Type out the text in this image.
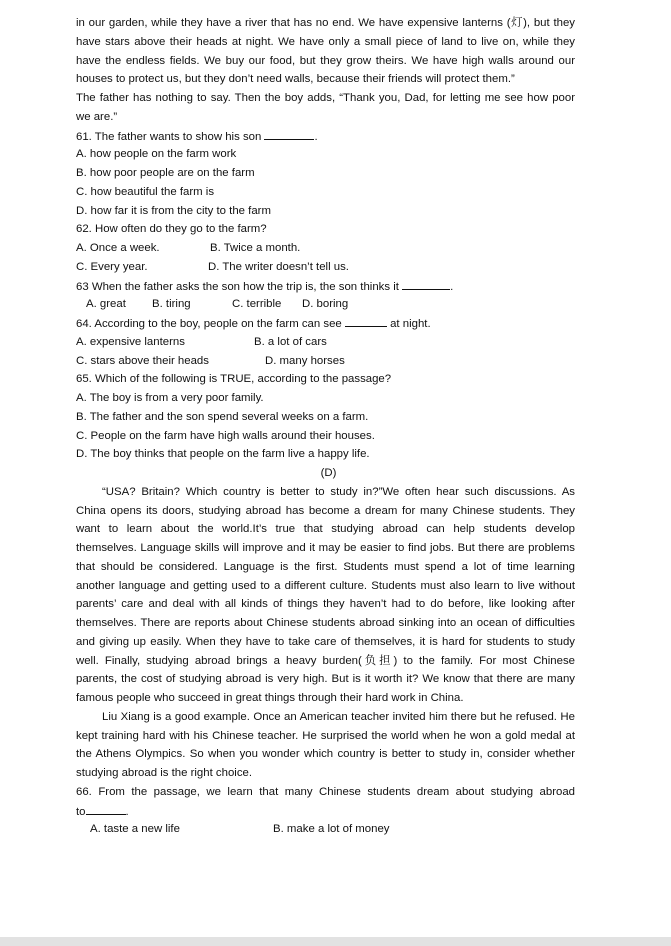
in our garden, while they have a river that has no end. We have expensive lanterns (灯), but they
have stars above their heads at night. We have only a small piece of land to live on, while they
have the endless fields. We buy our food, but they grow theirs. We have high walls around our
houses to protect us, but they don’t need walls, because their friends will protect them.”
The father has nothing to say. Then the boy adds, “Thank you, Dad, for letting me see how poor
we are.”
61. The father wants to show his son	.
A. how people on the farm work
B. how poor people are on the farm
C. how beautiful the farm is
D. how far it is from the city to the farm
62. How often do they go to the farm?
A. Once a week.	B. Twice a month.
C. Every year.	D. The writer doesn’t tell us.
63 When the father asks the son how the trip is, the son thinks it	.
A. great B. tiring	C. terrible D. boring
64. According to the boy, people on the farm can see	at night.
A. expensive lanterns	B. a lot of cars
C. stars above their heads	D. many horses
65. Which of the following is TRUE, according to the passage?
A. The boy is from a very poor family.
B. The father and the son spend several weeks on a farm.
C. People on the farm have high walls around their houses.
D. The boy thinks that people on the farm live a happy life.
(D)
“USA? Britain? Which country is better to study in?”We often hear such discussions. As
China opens its doors, studying abroad has become a dream for many Chinese students. They
want to learn about the world.It’s true that studying abroad can help students develop
themselves. Language skills will improve and it may be easier to find jobs. But there are problems
that should be considered. Language is the first. Students must spend a lot of time learning
another language and getting used to a different culture. Students must also learn to live without
parents’ care and deal with all kinds of things they haven’t had to do before, like looking after
themselves. There are reports about Chinese students abroad sinking into an ocean of difficulties
and giving up easily. When they have to take care of themselves, it is hard for students to study
well. Finally, studying abroad brings a heavy burden(负担) to the family. For most Chinese
parents, the cost of studying abroad is very high. But is it worth it? We know that there are many
famous people who succeed in great things through their hard work in China.
Liu Xiang is a good example. Once an American teacher invited him there but he refused. He
kept training hard with his Chinese teacher. He surprised the world when he won a gold medal at
the Athens Olympics. So when you wonder which country is better to study in, consider whether
studying abroad is the right choice.
66. From the passage, we learn that many Chinese students dream about studying abroad
to	.
A. taste a new life	B. make a lot of money
